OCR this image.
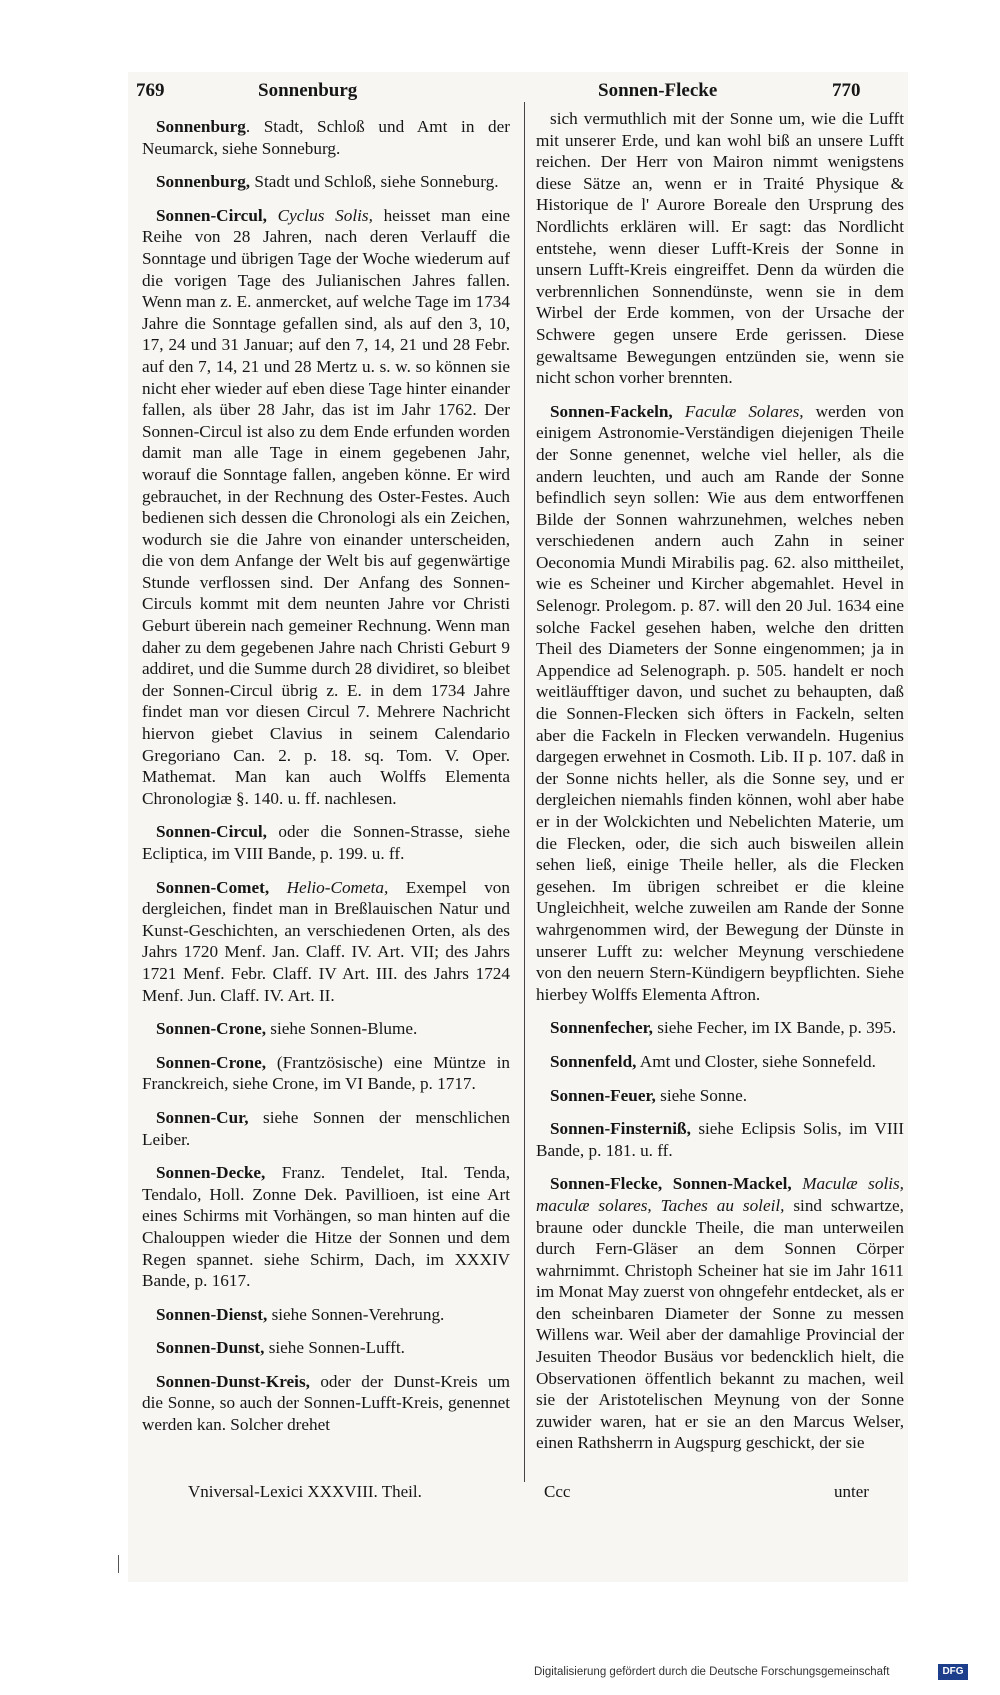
769	Sonnenburg	Sonnen-Flecke	770

Sonnenburg. Stadt, Schloß und Amt in der Neumarck, siehe Sonneburg.

Sonnenburg, Stadt und Schloß, siehe Sonneburg.

Sonnen-Circul, Cyclus Solis, heisset man eine Reihe von 28 Jahren, nach deren Verlauff die Sonntage und übrigen Tage der Woche wiederum auf die vorigen Tage des Julianischen Jahres fallen. Wenn man z. E. anmercket, auf welche Tage im 1734 Jahre die Sonntage gefallen sind, als auf den 3, 10, 17, 24 und 31 Januar; auf den 7, 14, 21 und 28 Febr. auf den 7, 14, 21 und 28 Mertz u. s. w. so können sie nicht eher wieder auf eben diese Tage hinter einander fallen, als über 28 Jahr, das ist im Jahr 1762. Der Sonnen-Circul ist also zu dem Ende erfunden worden damit man alle Tage in einem gegebenen Jahr, worauf die Sonntage fallen, angeben könne. Er wird gebrauchet, in der Rechnung des Oster-Festes. Auch bedienen sich dessen die Chronologi als ein Zeichen, wodurch sie die Jahre von einander unterscheiden, die von dem Anfange der Welt bis auf gegenwärtige Stunde verflossen sind. Der Anfang des Sonnen-Circuls kommt mit dem neunten Jahre vor Christi Geburt überein nach gemeiner Rechnung. Wenn man daher zu dem gegebenen Jahre nach Christi Geburt 9 addiret, und die Summe durch 28 dividiret, so bleibet der Sonnen-Circul übrig z. E. in dem 1734 Jahre findet man vor diesen Circul 7. Mehrere Nachricht hiervon giebet Clavius in seinem Calendario Gregoriano Can. 2. p. 18. sq. Tom. V. Oper. Mathemat. Man kan auch Wolffs Elementa Chronologiæ §. 140. u. ff. nachlesen.

Sonnen-Circul, oder die Sonnen-Strasse, siehe Ecliptica, im VIII Bande, p. 199. u. ff.

Sonnen-Comet, Helio-Cometa, Exempel von dergleichen, findet man in Breßlauischen Natur und Kunst-Geschichten, an verschiedenen Orten, als des Jahrs 1720 Menf. Jan. Claff. IV. Art. VII; des Jahrs 1721 Menf. Febr. Claff. IV Art. III. des Jahrs 1724 Menf. Jun. Claff. IV. Art. II.

Sonnen-Crone, siehe Sonnen-Blume.

Sonnen-Crone, (Frantzösische) eine Müntze in Franckreich, siehe Crone, im VI Bande, p. 1717.

Sonnen-Cur, siehe Sonnen der menschlichen Leiber.

Sonnen-Decke, Franz. Tendelet, Ital. Tenda, Tendalo, Holl. Zonne Dek. Pavillioen, ist eine Art eines Schirms mit Vorhängen, so man hinten auf die Chalouppen wieder die Hitze der Sonnen und dem Regen spannet. siehe Schirm, Dach, im XXXIV Bande, p. 1617.

Sonnen-Dienst, siehe Sonnen-Verehrung.

Sonnen-Dunst, siehe Sonnen-Lufft.

Sonnen-Dunst-Kreis, oder der Dunst-Kreis um die Sonne, so auch der Sonnen-Lufft-Kreis, genennet werden kan. Solcher drehet

sich vermuthlich mit der Sonne um, wie die Lufft mit unserer Erde, und kan wohl biß an unsere Lufft reichen. Der Herr von Mairon nimmt wenigstens diese Sätze an, wenn er in Traité Physique & Historique de l' Aurore Boreale den Ursprung des Nordlichts erklären will. Er sagt: das Nordlicht entstehe, wenn dieser Lufft-Kreis der Sonne in unsern Lufft-Kreis eingreiffet. Denn da würden die verbrennlichen Sonnendünste, wenn sie in dem Wirbel der Erde kommen, von der Ursache der Schwere gegen unsere Erde gerissen. Diese gewaltsame Bewegungen entzünden sie, wenn sie nicht schon vorher brennten.

Sonnen-Fackeln, Faculæ Solares, werden von einigem Astronomie-Verständigen diejenigen Theile der Sonne genennet, welche viel heller, als die andern leuchten, und auch am Rande der Sonne befindlich seyn sollen: Wie aus dem entworffenen Bilde der Sonnen wahrzunehmen, welches neben verschiedenen andern auch Zahn in seiner Oeconomia Mundi Mirabilis pag. 62. also mittheilet, wie es Scheiner und Kircher abgemahlet. Hevel in Selenogr. Prolegom. p. 87. will den 20 Jul. 1634 eine solche Fackel gesehen haben, welche den dritten Theil des Diameters der Sonne eingenommen; ja in Appendice ad Selenograph. p. 505. handelt er noch weitläufftiger davon, und suchet zu behaupten, daß die Sonnen-Flecken sich öfters in Fackeln, selten aber die Fackeln in Flecken verwandeln. Hugenius dargegen erwehnet in Cosmoth. Lib. II p. 107. daß in der Sonne nichts heller, als die Sonne sey, und er dergleichen niemahls finden können, wohl aber habe er in der Wolckichten und Nebelichten Materie, um die Flecken, oder, die sich auch bisweilen allein sehen ließ, einige Theile heller, als die Flecken gesehen. Im übrigen schreibet er die kleine Ungleichheit, welche zuweilen am Rande der Sonne wahrgenommen wird, der Bewegung der Dünste in unserer Lufft zu: welcher Meynung verschiedene von den neuern Stern-Kündigern beypflichten. Siehe hierbey Wolffs Elementa Aftron.

Sonnenfecher, siehe Fecher, im IX Bande, p. 395.

Sonnenfeld, Amt und Closter, siehe Sonnefeld.

Sonnen-Feuer, siehe Sonne.

Sonnen-Finsterniß, siehe Eclipsis Solis, im VIII Bande, p. 181. u. ff.

Sonnen-Flecke, Sonnen-Mackel, Maculæ solis, maculæ solares, Taches au soleil, sind schwartze, braune oder dunckle Theile, die man unterweilen durch Fern-Gläser an dem Sonnen Cörper wahrnimmt. Christoph Scheiner hat sie im Jahr 1611 im Monat May zuerst von ohngefehr entdecket, als er den scheinbaren Diameter der Sonne zu messen Willens war. Weil aber der damahlige Provincial der Jesuiten Theodor Busäus vor bedencklich hielt, die Observationen öffentlich bekannt zu machen, weil sie der Aristotelischen Meynung von der Sonne zuwider waren, hat er sie an den Marcus Welser, einen Rathsherrn in Augspurg geschickt, der sie

Vniversal-Lexici XXXVIII. Theil.	Ccc	unter
Digitalisierung gefördert durch die Deutsche Forschungsgemeinschaft	DFG
